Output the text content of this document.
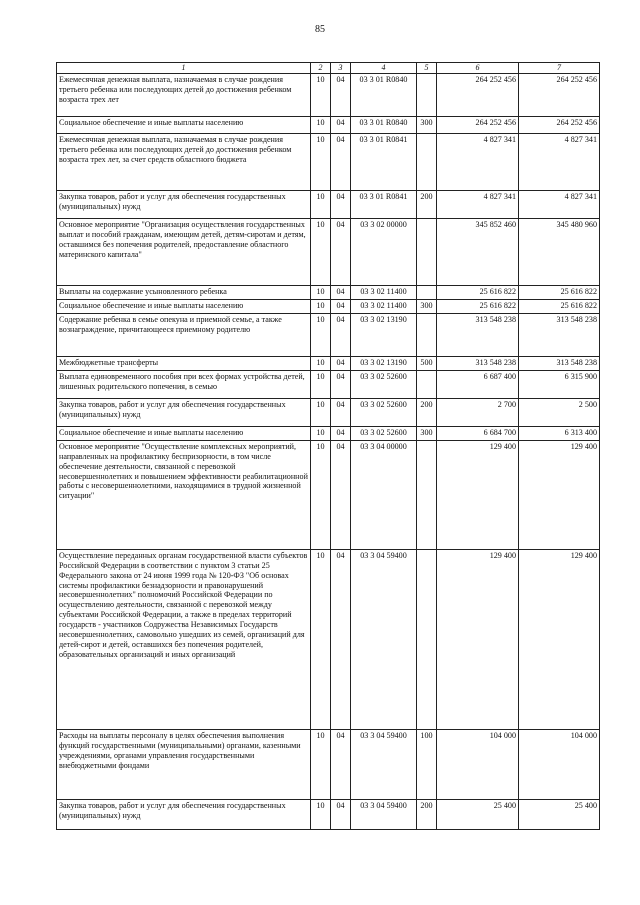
85
1	2	3	4	5	6	7
Ежемесячная денежная выплата, назначаемая в случае рождения третьего ребенка или последующих детей до достижения ребенком возраста трех лет	10	04	03 3 01 R0840		264 252 456	264 252 456
Социальное обеспечение и иные выплаты населению	10	04	03 3 01 R0840	300	264 252 456	264 252 456
Ежемесячная денежная выплата, назначаемая в случае рождения третьего ребенка или последующих детей до достижения ребенком возраста трех лет, за счет средств областного бюджета	10	04	03 3 01 R0841		4 827 341	4 827 341
Закупка товаров, работ и услуг для обеспечения государственных (муниципальных) нужд	10	04	03 3 01 R0841	200	4 827 341	4 827 341
Основное мероприятие "Организация осуществления государственных выплат и пособий гражданам, имеющим детей, детям-сиротам и детям, оставшимся без попечения родителей, предоставление областного материнского капитала"	10	04	03 3 02 00000		345 852 460	345 480 960
Выплаты на содержание усыновленного ребенка	10	04	03 3 02 11400		25 616 822	25 616 822
Социальное обеспечение и иные выплаты населению	10	04	03 3 02 11400	300	25 616 822	25 616 822
Содержание ребенка в семье опекуна и приемной семье, а также вознаграждение, причитающееся приемному родителю	10	04	03 3 02 13190		313 548 238	313 548 238
Межбюджетные трансферты	10	04	03 3 02 13190	500	313 548 238	313 548 238
Выплата единовременного пособия при всех формах устройства детей, лишенных родительского попечения, в семью	10	04	03 3 02 52600		6 687 400	6 315 900
Закупка товаров, работ и услуг для обеспечения государственных (муниципальных) нужд	10	04	03 3 02 52600	200	2 700	2 500
Социальное обеспечение и иные выплаты населению	10	04	03 3 02 52600	300	6 684 700	6 313 400
Основное мероприятие "Осуществление комплексных мероприятий, направленных на профилактику беспризорности, в том числе обеспечение деятельности, связанной с перевозкой несовершеннолетних и повышением эффективности реабилитационной работы с несовершеннолетними, находящимися в трудной жизненной ситуации"	10	04	03 3 04 00000		129 400	129 400
Осуществление переданных органам государственной власти субъектов Российской Федерации в соответствии с пунктом 3 статьи 25 Федерального закона от 24 июня 1999 года № 120-ФЗ "Об основах системы профилактики безнадзорности и правонарушений несовершеннолетних" полномочий Российской Федерации по осуществлению деятельности, связанной с перевозкой между субъектами Российской Федерации, а также в пределах территорий государств - участников Содружества Независимых Государств несовершеннолетних, самовольно ушедших из семей, организаций для детей-сирот и детей, оставшихся без попечения родителей, образовательных организаций и иных организаций	10	04	03 3 04 59400		129 400	129 400
Расходы на выплаты персоналу в целях обеспечения выполнения функций государственными (муниципальными) органами, казенными учреждениями, органами управления государственными внебюджетными фондами	10	04	03 3 04 59400	100	104 000	104 000
Закупка товаров, работ и услуг для обеспечения государственных (муниципальных) нужд	10	04	03 3 04 59400	200	25 400	25 400
